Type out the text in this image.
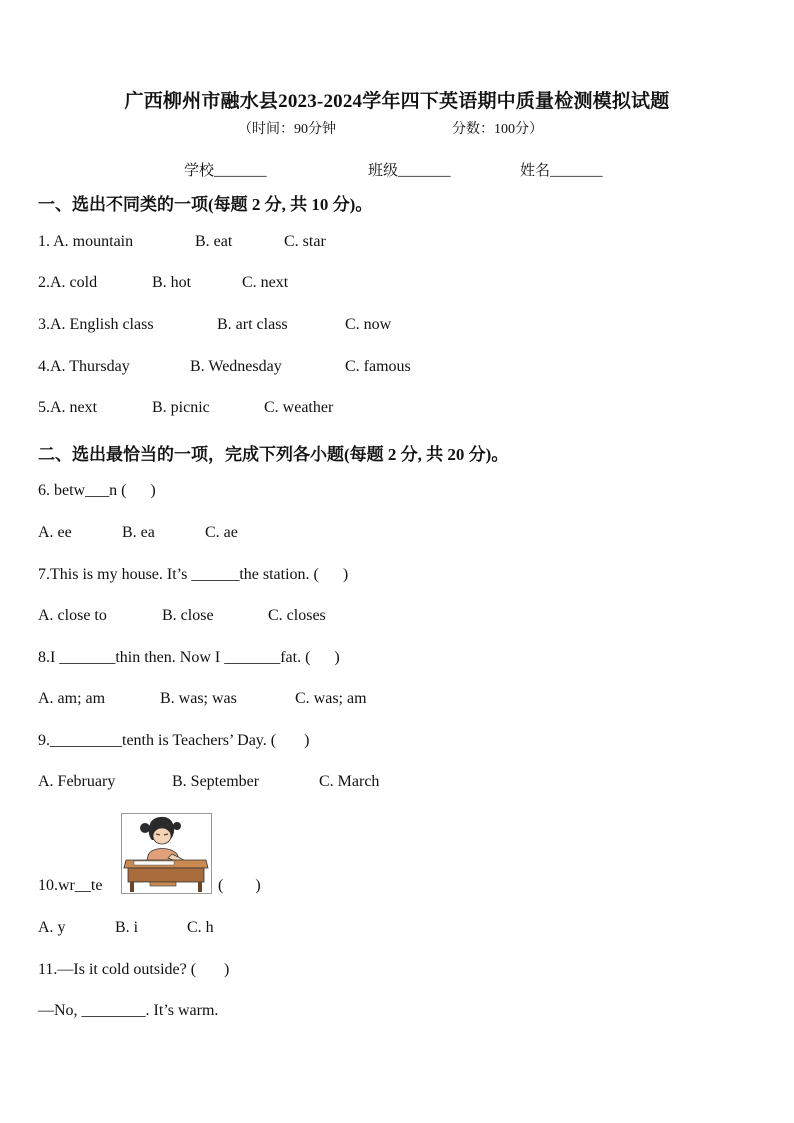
广西柳州市融水县2023-2024学年四下英语期中质量检测模拟试题
（时间：90分钟	分数：100分）
学校_______	班级_______	姓名_______
一、选出不同类的一项(每题 2 分, 共 10 分)。
1. A. mountain	B. eat	C. star
2.A. cold	B. hot	C. next
3.A. English class	B. art class	C. now
4.A. Thursday	B. Wednesday	C. famous
5.A. next	B. picnic	C. weather
二、选出最恰当的一项，完成下列各小题(每题 2 分, 共 20 分)。
6. betw___n (      )
A. ee	B. ea	C. ae
7.This is my house. It’s ______the station. (      )
A. close to	B. close	C. closes
8.I _______thin then. Now I _______fat. (      )
A. am; am	B. was; was	C. was; am
9._________tenth is Teachers’ Day. (       )
A. February	B. September	C. March
10.wr__te	(        )
A. y	B. i	C. h
11.—Is it cold outside? (       )
—No, ________. It’s warm.
